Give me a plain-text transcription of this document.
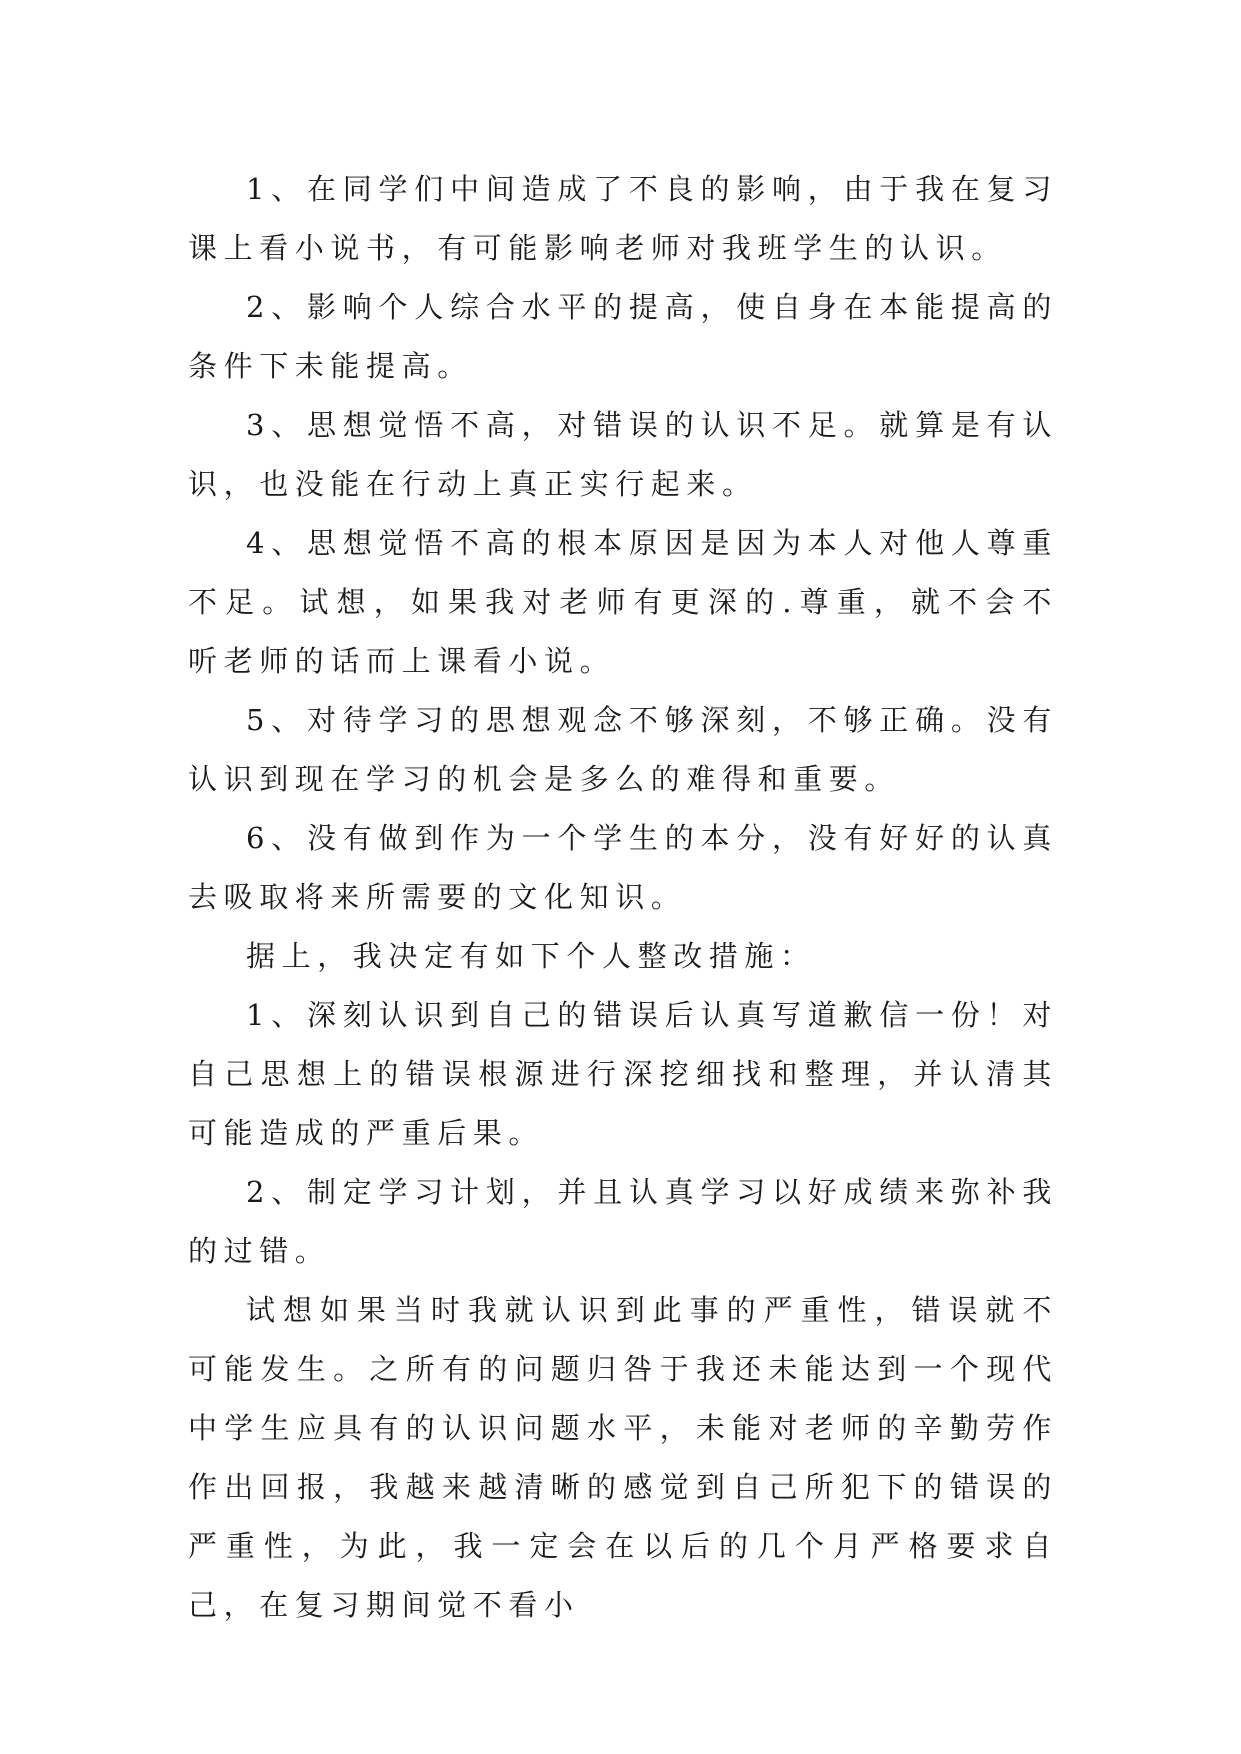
1、在同学们中间造成了不良的影响，由于我在复习课上看小说书，有可能影响老师对我班学生的认识。

2、影响个人综合水平的提高，使自身在本能提高的条件下未能提高。

3、思想觉悟不高，对错误的认识不足。就算是有认识，也没能在行动上真正实行起来。

4、思想觉悟不高的根本原因是因为本人对他人尊重不足。试想，如果我对老师有更深的.尊重，就不会不听老师的话而上课看小说。

5、对待学习的思想观念不够深刻，不够正确。没有认识到现在学习的机会是多么的难得和重要。

6、没有做到作为一个学生的本分，没有好好的认真去吸取将来所需要的文化知识。

据上，我决定有如下个人整改措施：

1、深刻认识到自己的错误后认真写道歉信一份！对自己思想上的错误根源进行深挖细找和整理，并认清其可能造成的严重后果。

2、制定学习计划，并且认真学习以好成绩来弥补我的过错。

试想如果当时我就认识到此事的严重性，错误就不可能发生。之所有的问题归咎于我还未能达到一个现代中学生应具有的认识问题水平，未能对老师的辛勤劳作作出回报，我越来越清晰的感觉到自己所犯下的错误的严重性，为此，我一定会在以后的几个月严格要求自己，在复习期间觉不看小
